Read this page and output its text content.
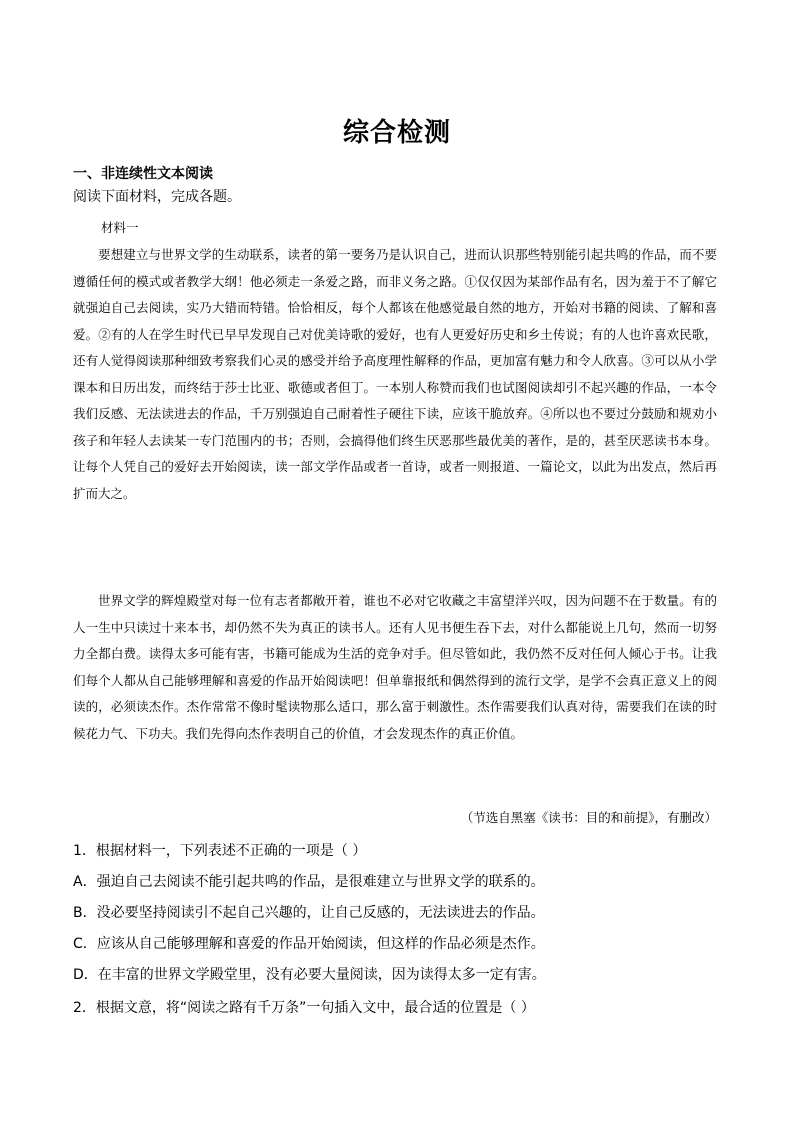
综合检测
一、非连续性文本阅读
阅读下面材料，完成各题。
材料一

要想建立与世界文学的生动联系，读者的第一要务乃是认识自己，进而认识那些特别能引起共鸣的作品，而不要遵循任何的模式或者教学大纲！他必须走一条爱之路，而非义务之路。①仅仅因为某部作品有名，因为羞于不了解它就强迫自己去阅读，实乃大错而特错。恰恰相反，每个人都该在他感觉最自然的地方，开始对书籍的阅读、了解和喜爱。②有的人在学生时代已早早发现自己对优美诗歌的爱好，也有人更爱好历史和乡土传说；有的人也许喜欢民歌，还有人觉得阅读那种细致考察我们心灵的感受并给予高度理性解释的作品，更加富有魅力和令人欣喜。③可以从小学课本和日历出发，而终结于莎士比亚、歌德或者但丁。一本别人称赞而我们也试图阅读却引不起兴趣的作品，一本令我们反感、无法读进去的作品，千万别强迫自己耐着性子硬往下读，应该干脆放弃。④所以也不要过分鼓励和规劝小孩子和年轻人去读某一专门范围内的书；否则，会搞得他们终生厌恶那些最优美的著作，是的，甚至厌恶读书本身。让每个人凭自己的爱好去开始阅读，读一部文学作品或者一首诗，或者一则报道、一篇论文，以此为出发点，然后再扩而大之。

世界文学的辉煌殿堂对每一位有志者都敞开着，谁也不必对它收藏之丰富望洋兴叹，因为问题不在于数量。有的人一生中只读过十来本书，却仍然不失为真正的读书人。还有人见书便生吞下去，对什么都能说上几句，然而一切努力全都白费。读得太多可能有害，书籍可能成为生活的竞争对手。但尽管如此，我仍然不反对任何人倾心于书。让我们每个人都从自己能够理解和喜爱的作品开始阅读吧！但单靠报纸和偶然得到的流行文学，是学不会真正意义上的阅读的，必须读杰作。杰作常常不像时髦读物那么适口，那么富于刺激性。杰作需要我们认真对待，需要我们在读的时候花力气、下功夫。我们先得向杰作表明自己的价值，才会发现杰作的真正价值。

（节选自黑塞《读书：目的和前提》，有删改）
1．根据材料一，下列表述不正确的一项是（ ）
A．强迫自己去阅读不能引起共鸣的作品，是很难建立与世界文学的联系的。
B．没必要坚持阅读引不起自己兴趣的，让自己反感的，无法读进去的作品。
C．应该从自己能够理解和喜爱的作品开始阅读，但这样的作品必须是杰作。
D．在丰富的世界文学殿堂里，没有必要大量阅读，因为读得太多一定有害。
2．根据文意，将“阅读之路有千万条”一句插入文中，最合适的位置是（ ）
